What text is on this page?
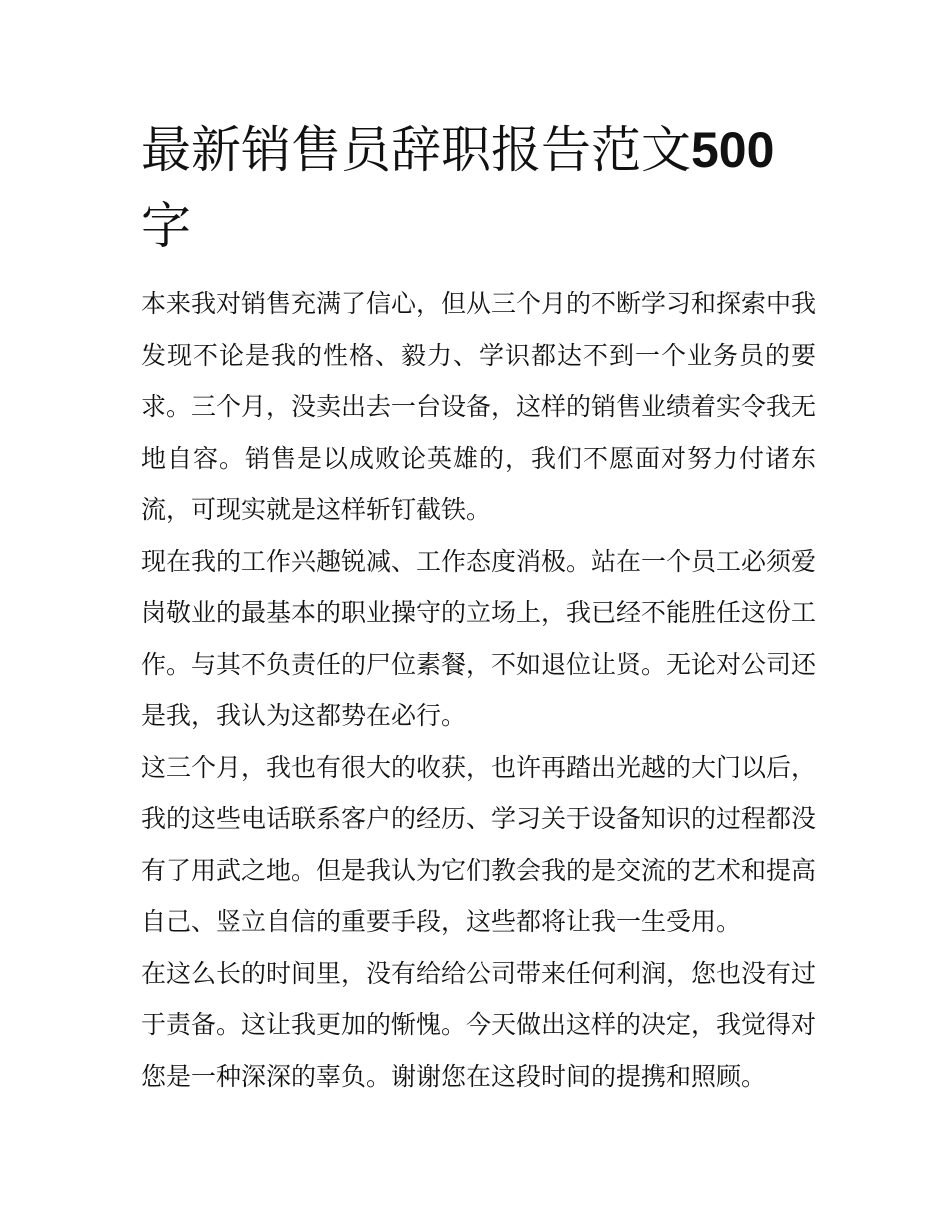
最新销售员辞职报告范文500字

本来我对销售充满了信心，但从三个月的不断学习和探索中我发现不论是我的性格、毅力、学识都达不到一个业务员的要求。三个月，没卖出去一台设备，这样的销售业绩着实令我无地自容。销售是以成败论英雄的，我们不愿面对努力付诸东流，可现实就是这样斩钉截铁。

现在我的工作兴趣锐减、工作态度消极。站在一个员工必须爱岗敬业的最基本的职业操守的立场上，我已经不能胜任这份工作。与其不负责任的尸位素餐，不如退位让贤。无论对公司还是我，我认为这都势在必行。

这三个月，我也有很大的收获，也许再踏出光越的大门以后，我的这些电话联系客户的经历、学习关于设备知识的过程都没有了用武之地。但是我认为它们教会我的是交流的艺术和提高自己、竖立自信的重要手段，这些都将让我一生受用。

在这么长的时间里，没有给给公司带来任何利润，您也没有过于责备。这让我更加的惭愧。今天做出这样的决定，我觉得对您是一种深深的辜负。谢谢您在这段时间的提携和照顾。
